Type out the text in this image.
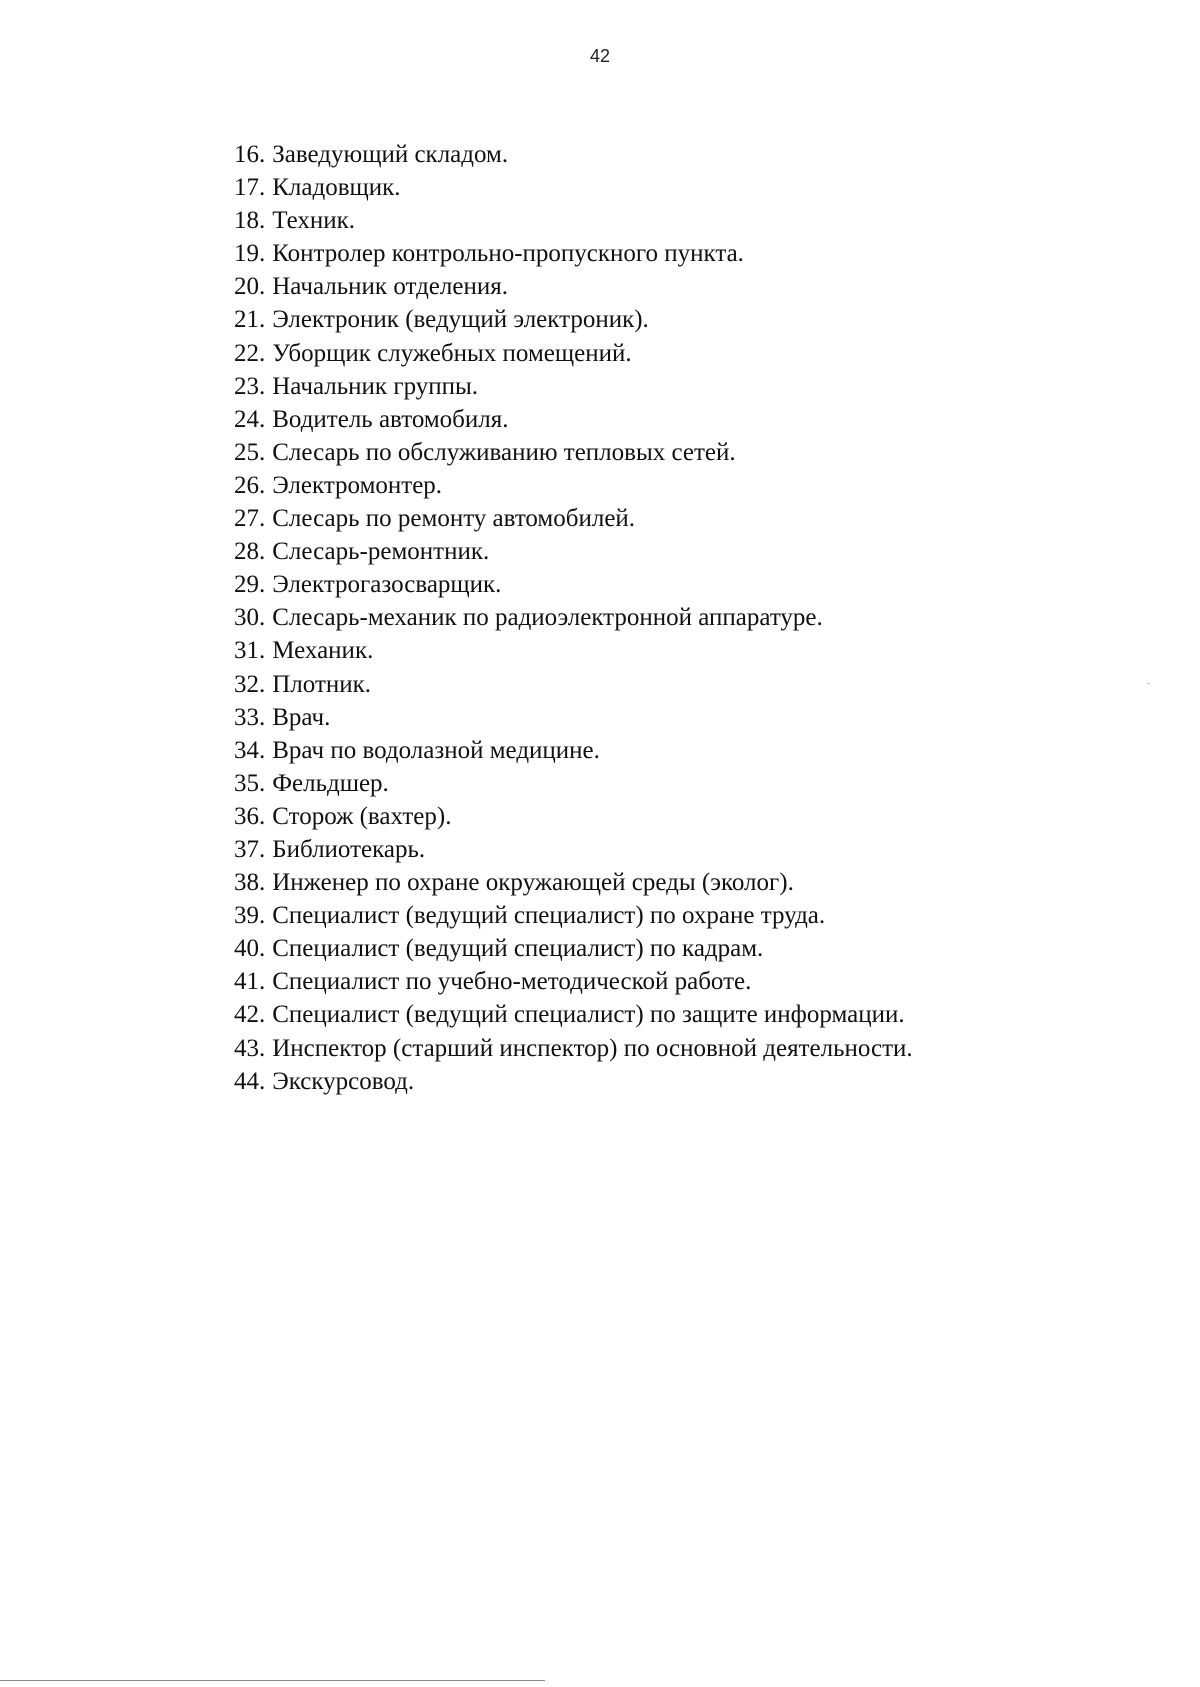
42
16. Заведующий складом.
17. Кладовщик.
18. Техник.
19. Контролер контрольно-пропускного пункта.
20. Начальник отделения.
21. Электроник (ведущий электроник).
22. Уборщик служебных помещений.
23. Начальник группы.
24. Водитель автомобиля.
25. Слесарь по обслуживанию тепловых сетей.
26. Электромонтер.
27. Слесарь по ремонту автомобилей.
28. Слесарь-ремонтник.
29. Электрогазосварщик.
30. Слесарь-механик по радиоэлектронной аппаратуре.
31. Механик.
32. Плотник.
33. Врач.
34. Врач по водолазной медицине.
35. Фельдшер.
36. Сторож (вахтер).
37. Библиотекарь.
38. Инженер по охране окружающей среды (эколог).
39. Специалист (ведущий специалист) по охране труда.
40. Специалист (ведущий специалист) по кадрам.
41. Специалист по учебно-методической работе.
42. Специалист (ведущий специалист) по защите информации.
43. Инспектор (старший инспектор) по основной деятельности.
44. Экскурсовод.
